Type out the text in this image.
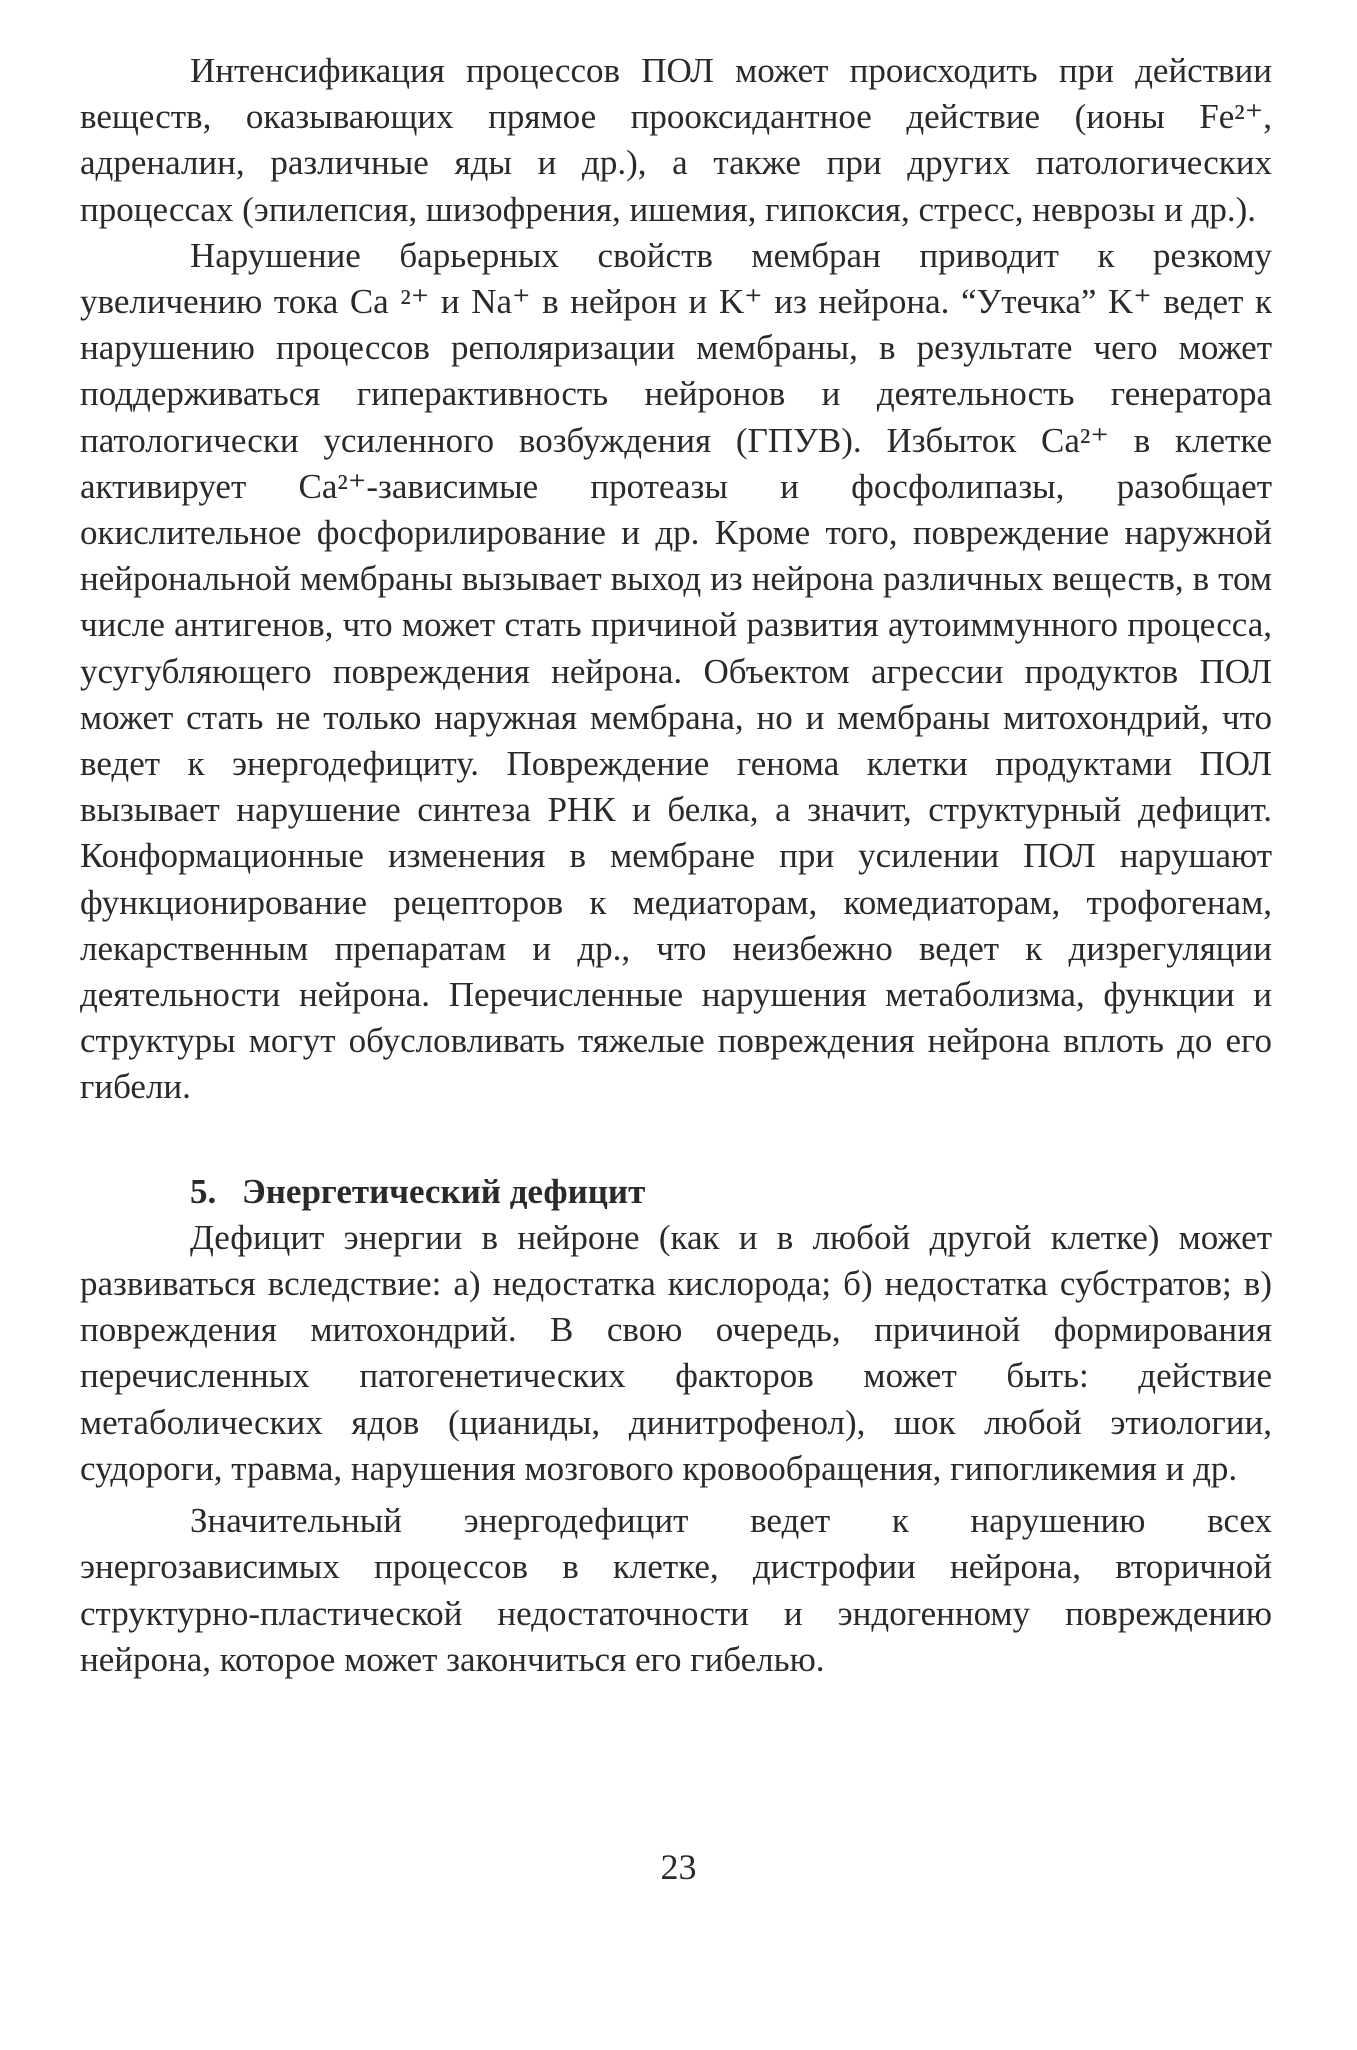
Интенсификация процессов ПОЛ может происходить при действии веществ, оказывающих прямое прооксидантное действие (ионы Fe²⁺, адреналин, различные яды и др.), а также при других патологических процессах (эпилепсия, шизофрения, ишемия, гипоксия, стресс, неврозы и др.).

Нарушение барьерных свойств мембран приводит к резкому увеличению тока Ca ²⁺ и Na⁺ в нейрон и K⁺ из нейрона. “Утечка” K⁺ ведет к нарушению процессов реполяризации мембраны, в результате чего может поддерживаться гиперактивность нейронов и деятельность генератора патологически усиленного возбуждения (ГПУВ). Избыток Ca²⁺ в клетке активирует Ca²⁺-зависимые протеазы и фосфолипазы, разобщает окислительное фосфорилирование и др. Кроме того, повреждение наружной нейрональной мембраны вызывает выход из нейрона различных веществ, в том числе антигенов, что может стать причиной развития аутоиммунного процесса, усугубляющего повреждения нейрона. Объектом агрессии продуктов ПОЛ может стать не только наружная мембрана, но и мембраны митохондрий, что ведет к энергодефициту. Повреждение генома клетки продуктами ПОЛ вызывает нарушение синтеза РНК и белка, а значит, структурный дефицит. Конформационные изменения в мембране при усилении ПОЛ нарушают функционирование рецепторов к медиаторам, комедиаторам, трофогенам, лекарственным препаратам и др., что неизбежно ведет к дизрегуляции деятельности нейрона. Перечисленные нарушения метаболизма, функции и структуры могут обусловливать тяжелые повреждения нейрона вплоть до его гибели.

5. Энергетический дефицит

Дефицит энергии в нейроне (как и в любой другой клетке) может развиваться вследствие: а) недостатка кислорода; б) недостатка субстратов; в) повреждения митохондрий. В свою очередь, причиной формирования перечисленных патогенетических факторов может быть: действие метаболических ядов (цианиды, динитрофенол), шок любой этиологии, судороги, травма, нарушения мозгового кровообращения, гипогликемия и др.

Значительный энергодефицит ведет к нарушению всех энергозависимых процессов в клетке, дистрофии нейрона, вторичной структурно-пластической недостаточности и эндогенному повреждению нейрона, которое может закончиться его гибелью.

23
